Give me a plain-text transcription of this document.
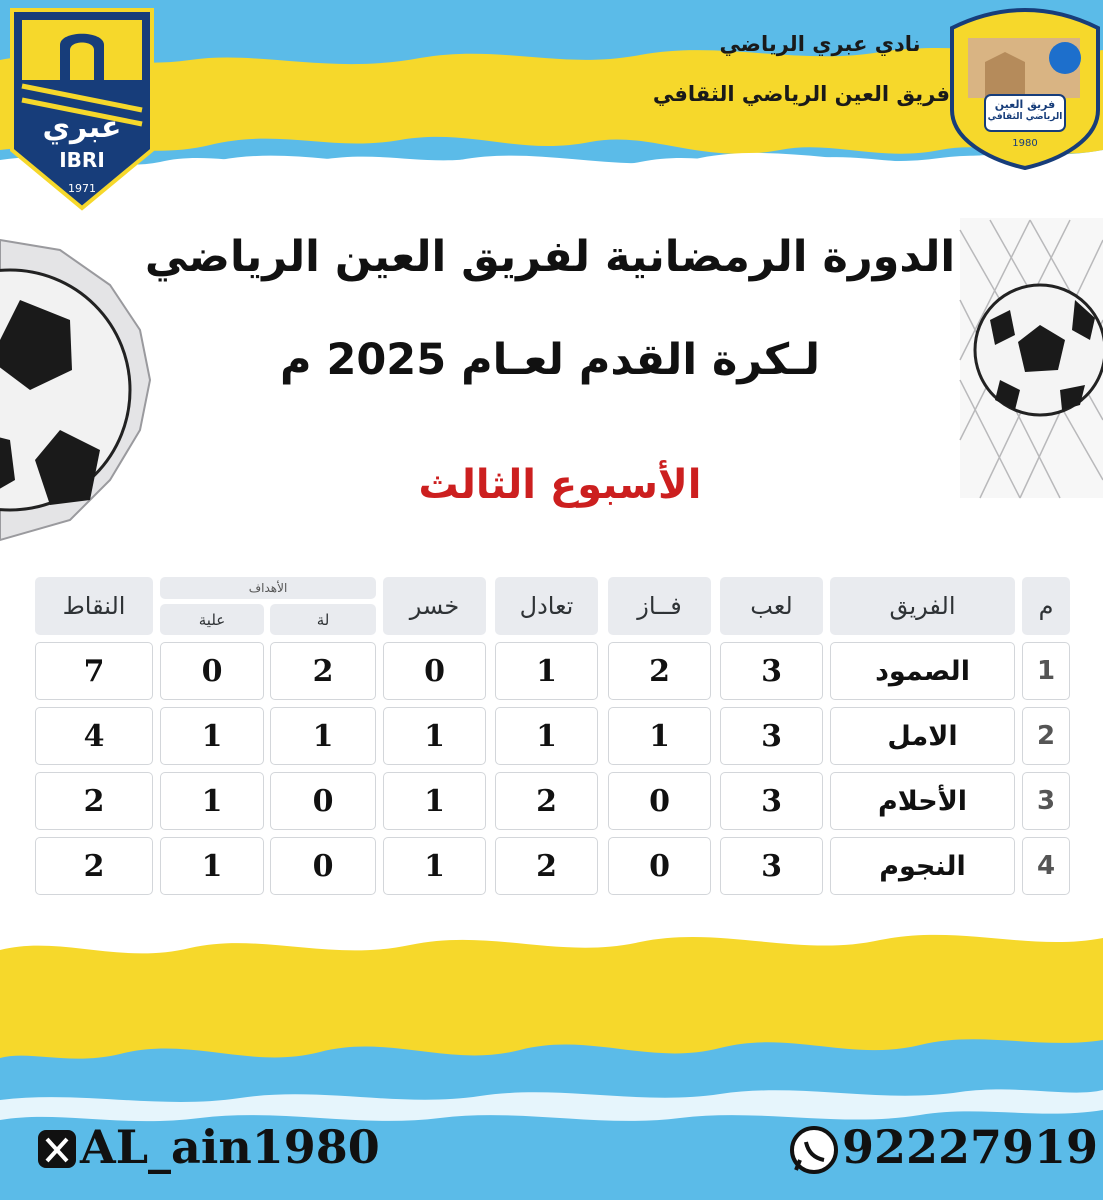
عبري
IBRI
1971
فريق العين
الرياضي الثقافي
1980
نادي عبري الرياضي
فريق العين الرياضي الثقافي
الدورة الرمضانية لفريق العين الرياضي
لـكرة القدم لعـام 2025 م
الأسبوع الثالث
م
الفريق
لعب
فــاز
تعادل
خسر
الأهداف
لة
علية
النقاط
1
الصمود
3
2
1
0
2
0
7
2
الامل
3
1
1
1
1
1
4
3
الأحلام
3
0
2
1
0
1
2
4
النجوم
3
0
2
1
0
1
2
AL_ain1980	92227919
